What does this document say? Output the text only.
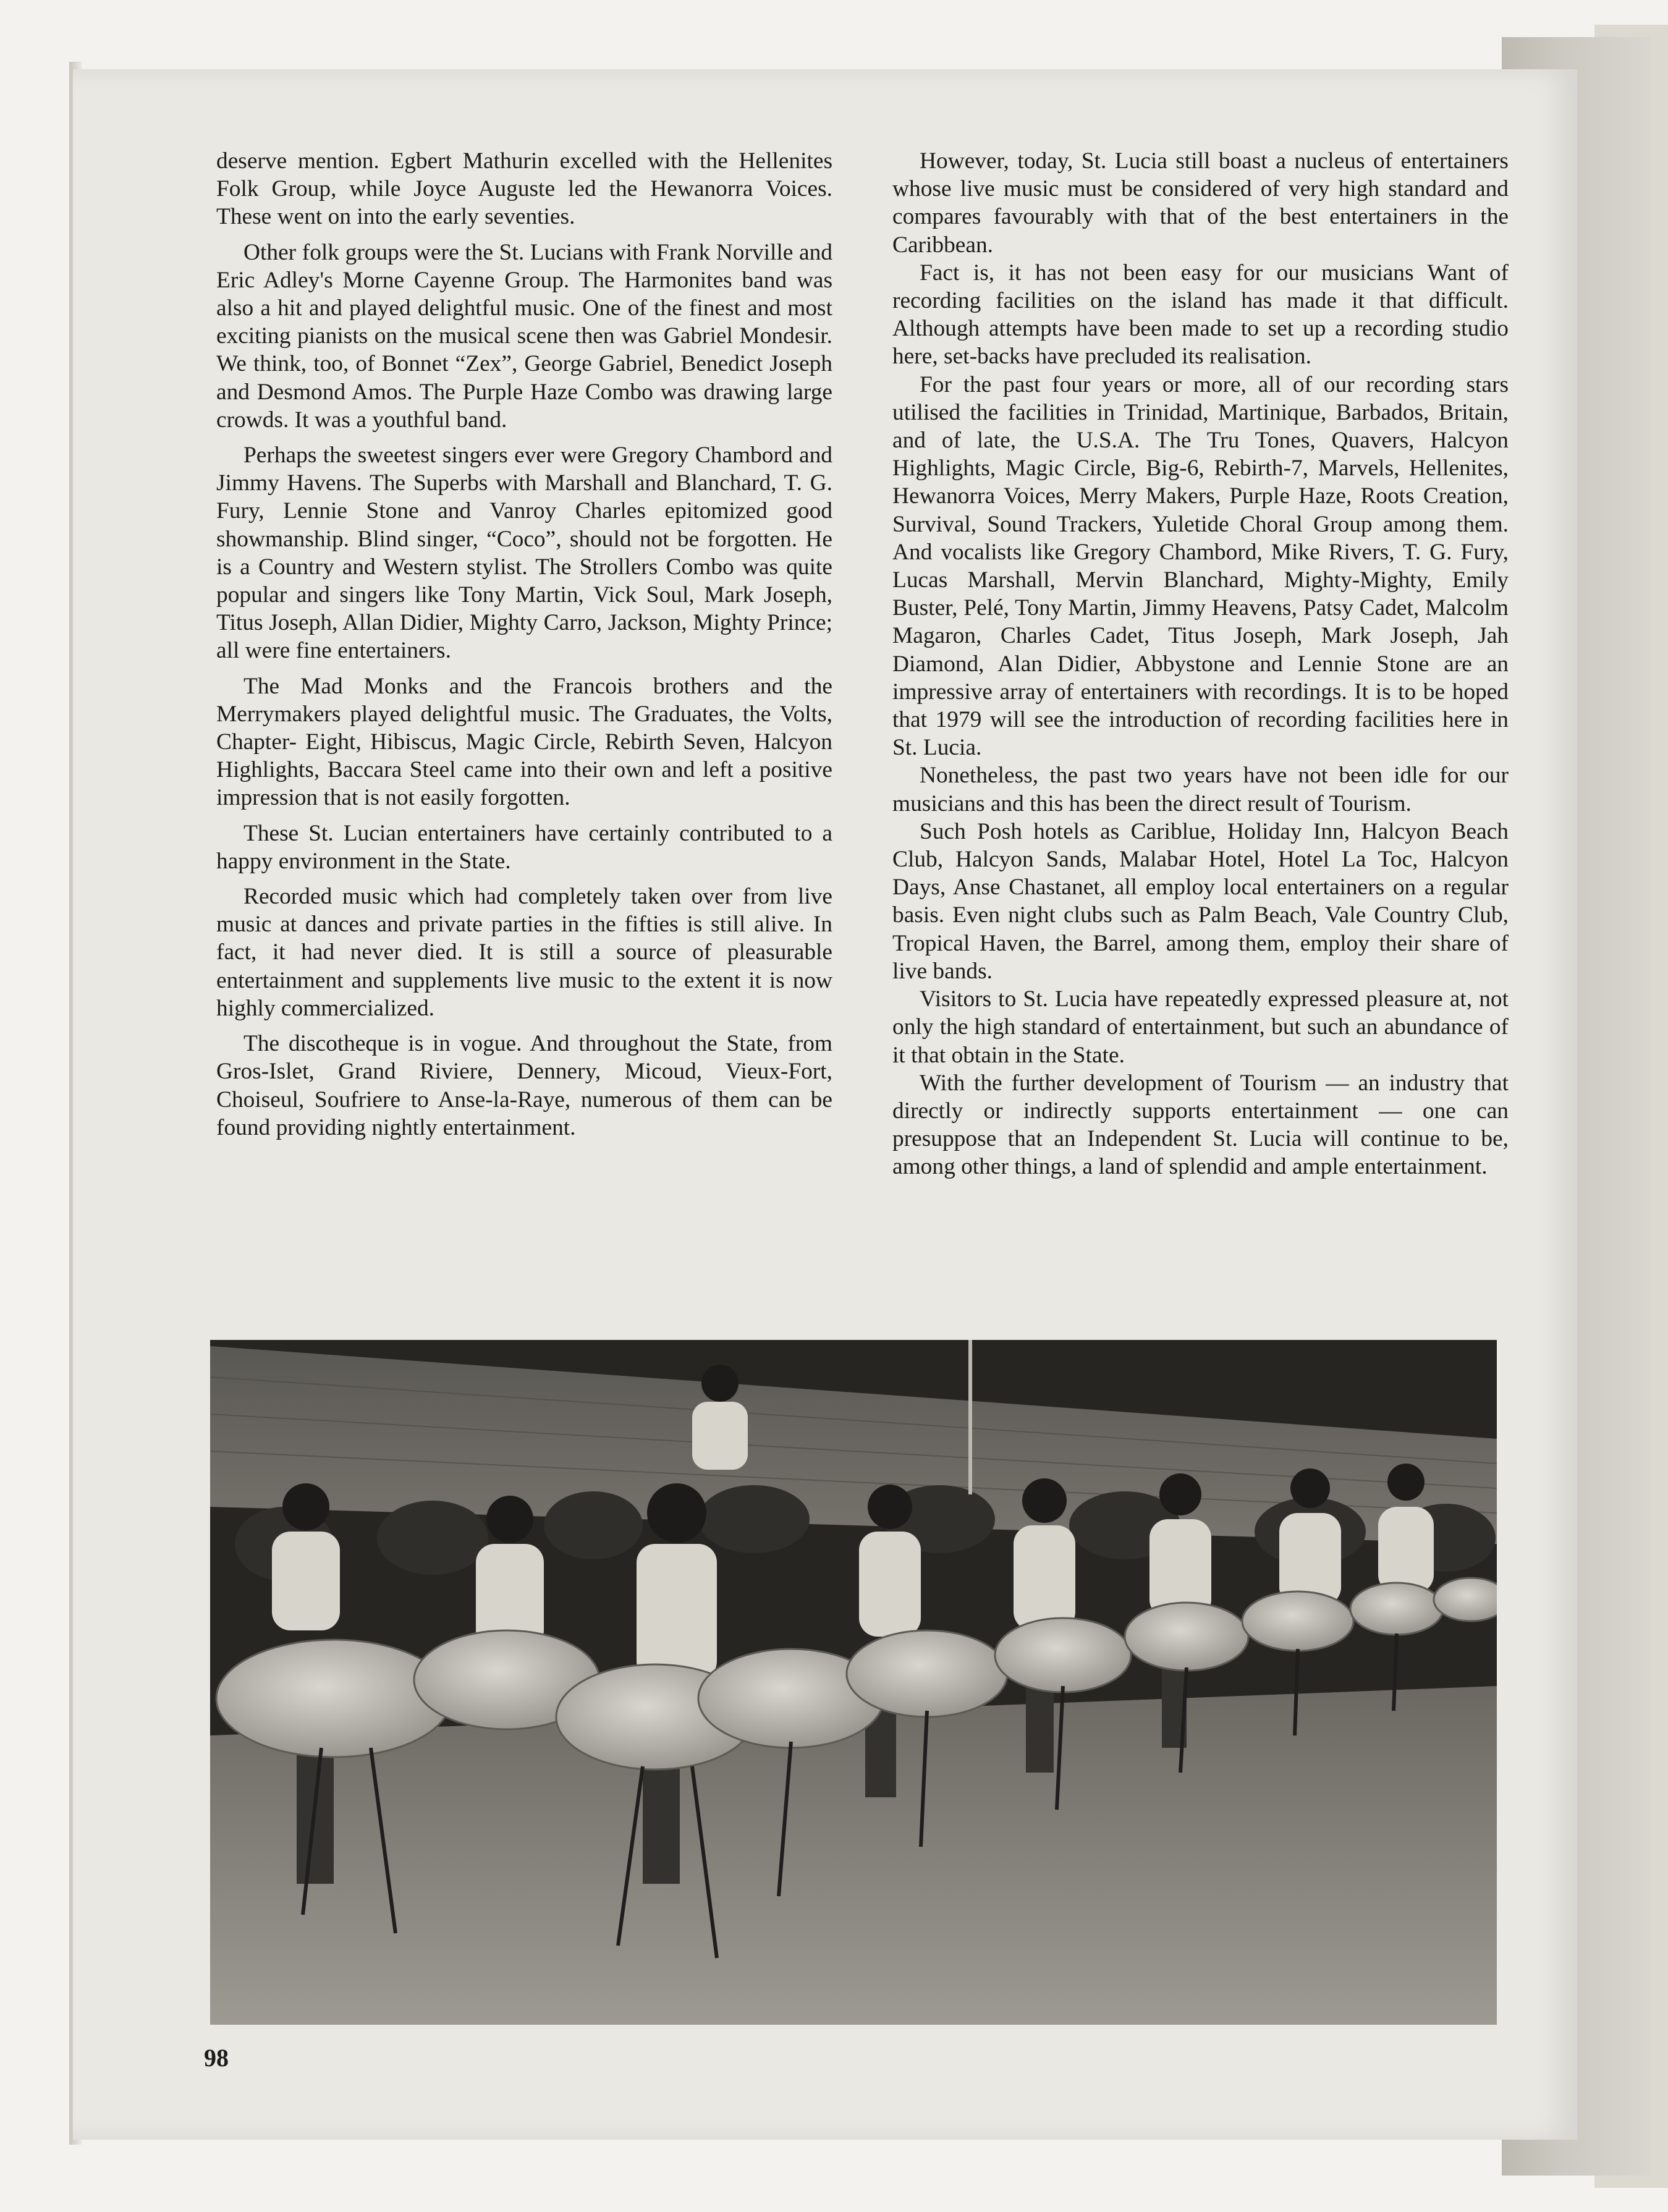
deserve mention. Egbert Mathurin excelled with the Hellenites Folk Group, while Joyce Auguste led the Hewanorra Voices. These went on into the early seventies.

Other folk groups were the St. Lucians with Frank Norville and Eric Adley's Morne Cayenne Group. The Harmonites band was also a hit and played delightful music. One of the finest and most exciting pianists on the musical scene then was Gabriel Mondesir. We think, too, of Bonnet “Zex”, George Gabriel, Benedict Joseph and Desmond Amos. The Purple Haze Combo was drawing large crowds. It was a youthful band.

Perhaps the sweetest singers ever were Gregory Chambord and Jimmy Havens. The Superbs with Marshall and Blanchard, T. G. Fury, Lennie Stone and Vanroy Charles epitomized good showmanship. Blind singer, “Coco”, should not be forgotten. He is a Country and Western stylist. The Strollers Combo was quite popular and singers like Tony Martin, Vick Soul, Mark Joseph, Titus Joseph, Allan Didier, Mighty Carro, Jackson, Mighty Prince; all were fine entertainers.

The Mad Monks and the Francois brothers and the Merrymakers played delightful music. The Graduates, the Volts, Chapter- Eight, Hibiscus, Magic Circle, Rebirth Seven, Halcyon Highlights, Baccara Steel came into their own and left a positive impression that is not easily forgotten.

These St. Lucian entertainers have certainly contributed to a happy environment in the State.

Recorded music which had completely taken over from live music at dances and private parties in the fifties is still alive. In fact, it had never died. It is still a source of pleasurable entertainment and supplements live music to the extent it is now highly commercialized.

The discotheque is in vogue. And throughout the State, from Gros-Islet, Grand Riviere, Dennery, Micoud, Vieux-Fort, Choiseul, Soufriere to Anse-la-Raye, numerous of them can be found providing nightly entertainment.

However, today, St. Lucia still boast a nucleus of entertainers whose live music must be considered of very high standard and compares favourably with that of the best entertainers in the Caribbean.

Fact is, it has not been easy for our musicians Want of recording facilities on the island has made it that difficult. Although attempts have been made to set up a recording studio here, set-backs have precluded its realisation.

For the past four years or more, all of our recording stars utilised the facilities in Trinidad, Martinique, Barbados, Britain, and of late, the U.S.A. The Tru Tones, Quavers, Halcyon Highlights, Magic Circle, Big-6, Rebirth-7, Marvels, Hellenites, Hewanorra Voices, Merry Makers, Purple Haze, Roots Creation, Survival, Sound Trackers, Yuletide Choral Group among them. And vocalists like Gregory Chambord, Mike Rivers, T. G. Fury, Lucas Marshall, Mervin Blanchard, Mighty-Mighty, Emily Buster, Pelé, Tony Martin, Jimmy Heavens, Patsy Cadet, Malcolm Magaron, Charles Cadet, Titus Joseph, Mark Joseph, Jah Diamond, Alan Didier, Abbystone and Lennie Stone are an impressive array of entertainers with recordings. It is to be hoped that 1979 will see the introduction of recording facilities here in St. Lucia.

Nonetheless, the past two years have not been idle for our musicians and this has been the direct result of Tourism.

Such Posh hotels as Cariblue, Holiday Inn, Halcyon Beach Club, Halcyon Sands, Malabar Hotel, Hotel La Toc, Halcyon Days, Anse Chastanet, all employ local entertainers on a regular basis. Even night clubs such as Palm Beach, Vale Country Club, Tropical Haven, the Barrel, among them, employ their share of live bands.

Visitors to St. Lucia have repeatedly expressed pleasure at, not only the high standard of entertainment, but such an abundance of it that obtain in the State.

With the further development of Tourism — an industry that directly or indirectly supports entertainment — one can presuppose that an Independent St. Lucia will continue to be, among other things, a land of splendid and ample entertainment.

98
